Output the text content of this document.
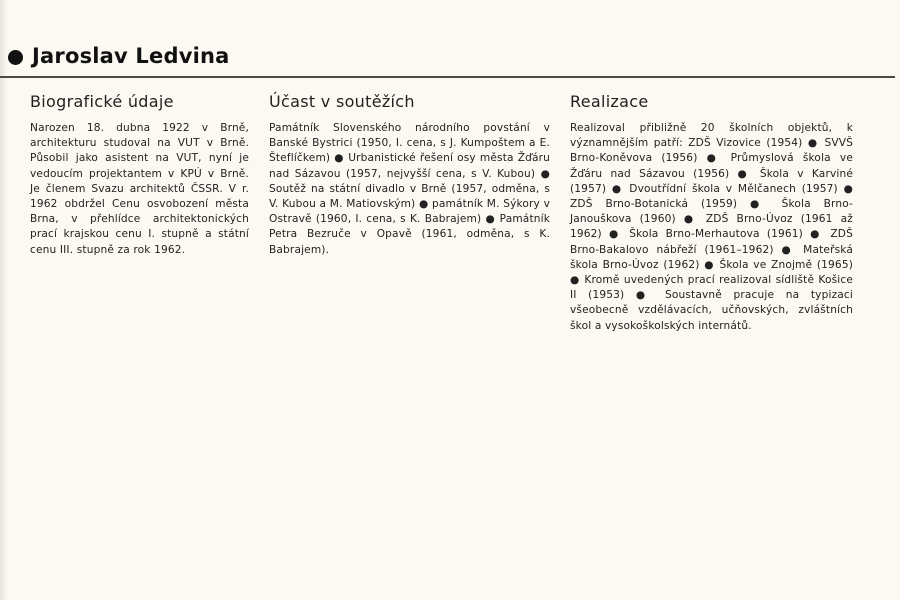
Jaroslav Ledvina
Biografické údaje

Narozen 18. dubna 1922 v Brně, architekturu studoval na VUT v Brně. Působil jako asistent na VUT, nyní je vedoucím projektantem v KPÚ v Brně. Je členem Svazu architektů ČSSR. V r. 1962 obdržel Cenu osvobození města Brna, v přehlídce architektonických prací krajskou cenu I. stupně a státní cenu III. stupně za rok 1962.

Účast v soutěžích

Památník Slovenského národního povstání v Banské Bystrici (1950, I. cena, s J. Kumpoštem a E. Šteflíčkem) ● Urbanistické řešení osy města Žďáru nad Sázavou (1957, nejvyšší cena, s V. Kubou) ● Soutěž na státní divadlo v Brně (1957, odměna, s V. Kubou a M. Matiovským) ● památník M. Sýkory v Ostravě (1960, I. cena, s K. Babrajem) ● Památník Petra Bezruče v Opavě (1961, odměna, s K. Babrajem).

Realizace

Realizoval přibližně 20 školních objektů, k významnějším patří: ZDŠ Vizovice (1954) ● SVVŠ Brno-Koněvova (1956) ● Průmyslová škola ve Žďáru nad Sázavou (1956) ● Škola v Karviné (1957) ● Dvoutřídní škola v Mělčanech (1957) ● ZDŠ Brno-Botanická (1959) ● Škola Brno-Janouškova (1960) ● ZDŠ Brno-Úvoz (1961 až 1962) ● Škola Brno-Merhautova (1961) ● ZDŠ Brno-Bakalovo nábřeží (1961–1962) ● Mateřská škola Brno-Úvoz (1962) ● Škola ve Znojmě (1965) ● Kromě uvedených prací realizoval sídliště Košice II (1953) ● Soustavně pracuje na typizaci všeobecně vzdělávacích, učňovských, zvláštních škol a vysokoškolských internátů.
